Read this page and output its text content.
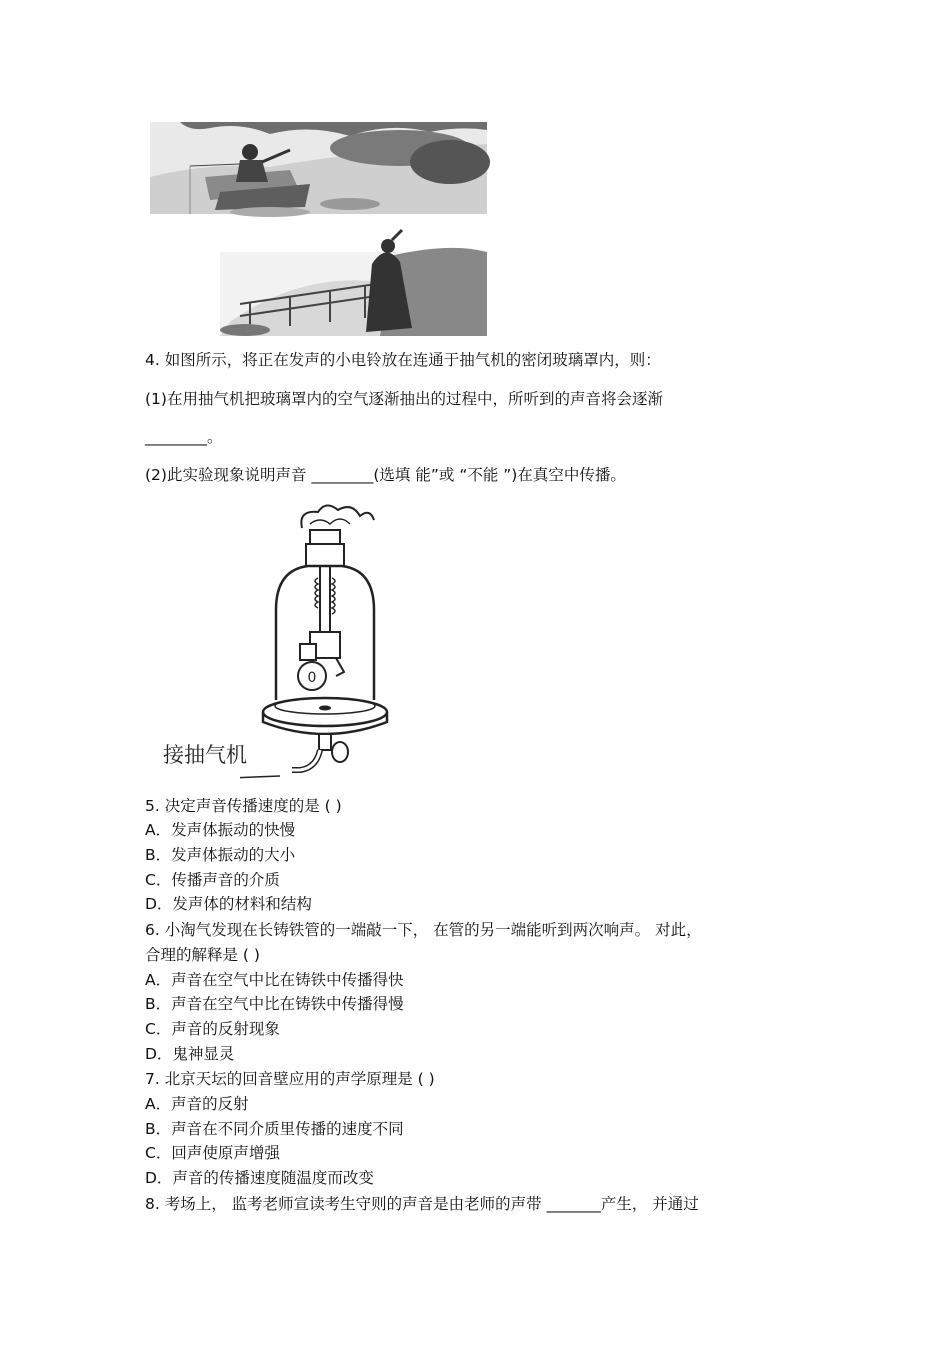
4. 如图所示，将正在发声的小电铃放在连通于抽气机的密闭玻璃罩内，则：
(1)在用抽气机把玻璃罩内的空气逐渐抽出的过程中，所听到的声音将会逐渐
________。
(2)此实验现象说明声音 ________(选填 能”或 “不能 ”)在真空中传播。
0
接抽气机
5. 决定声音传播速度的是 ( )
A．发声体振动的快慢
B．发声体振动的大小
C．传播声音的介质
D．发声体的材料和结构
6. 小淘气发现在长铸铁管的一端敲一下， 在管的另一端能听到两次响声。 对此，
合理的解释是 ( )
A．声音在空气中比在铸铁中传播得快
B．声音在空气中比在铸铁中传播得慢
C．声音的反射现象
D．鬼神显灵
7. 北京天坛的回音壁应用的声学原理是 ( )
A．声音的反射
B．声音在不同介质里传播的速度不同
C．回声使原声增强
D．声音的传播速度随温度而改变
8. 考场上， 监考老师宣读考生守则的声音是由老师的声带 _______产生， 并通过
